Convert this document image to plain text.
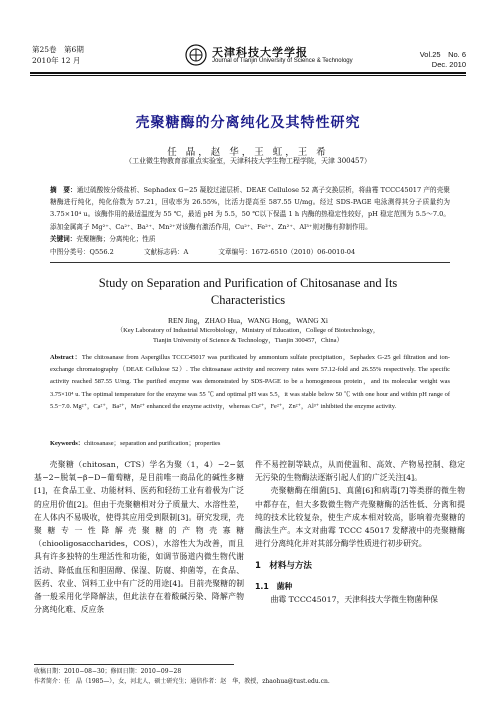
第25卷　第6期
2010年 12 月
天津科技大学学报
Journal of Tianjin University of Science & Technology
Vol.25　No. 6
Dec. 2010
壳聚糖酶的分离纯化及其特性研究
任 晶，赵 华，王 虹，王 希
（工业微生物教育部重点实验室，天津科技大学生物工程学院，天津 300457）
摘　要：通过硫酸铵分级盐析、Sephadex G−25 凝胶过滤层析、DEAE Cellulose 52 离子交换层析，将曲霉 TCCC45017 产的壳聚糖酶进行纯化，纯化倍数为 57.21，回收率为 26.55%，比活力提高至 587.55 U/mg。经过 SDS-PAGE 电泳测得其分子质量约为 3.75×10⁴ u。该酶作用的最适温度为 55 ℃，最适 pH 为 5.5，50 ℃以下保温 1 h 内酶的热稳定性较好，pH 稳定范围为 5.5～7.0。添加金属离子 Mg²⁺、Ca²⁺、Ba²⁺、Mn²⁺对该酶有激活作用，Cu²⁺、Fe²⁺、Zn²⁺、Al³⁺则对酶有抑制作用。
关键词：壳聚糖酶；分离纯化；性质
中图分类号：Q556.2	文献标志码：A	文章编号：1672-6510（2010）06-0010-04
Study on Separation and Purification of Chitosanase and Its Characteristics
REN Jing，ZHAO Hua，WANG Hong，WANG Xi
（Key Laboratory of Industrial Microbiology，Ministry of Education，College of Biotechnology，
Tianjin University of Science & Technology，Tianjin 300457，China）
Abstract：The chitosanase from Aspergillus TCCC45017 was purificated by ammonium sulfate precipitation，Sephadex G-25 gel filtration and ion-exchange chromatography（DEAE Cellulose 52）. The chitosanase activity and recovery rates were 57.12-fold and 26.55% respectively. The specific activity reached 587.55 U/mg. The purified enzyme was demonstrated by SDS-PAGE to be a homogeneous protein，and its molecular weight was 3.75×10⁴ u. The optimal temperature for the enzyme was 55 ℃ and optimal pH was 5.5，it was stable below 50 ℃ with one hour and within pH range of 5.5−7.0. Mg²⁺，Ca²⁺，Ba²⁺，Mn²⁺ enhanced the enzyme activity，whereas Cu²⁺，Fe²⁺，Zn²⁺，Al³⁺ inhibited the enzyme activity.
Keywords：chitosanase；separation and purification；properties

壳聚糖（chitosan，CTS）学名为聚（1，4）−2−氨基−2−脱氧−β−D−葡萄糖，是目前唯一商品化的碱性多糖[1]，在食品工业、功能材料、医药和轻纺工业有着极为广泛的应用价值[2]。但由于壳聚糖相对分子质量大、水溶性差，在人体内不易吸收，使得其应用受到限制[3]。研究发现，壳聚糖专一性降解壳聚糖的产物壳寡糖（chiooligosaccharides，COS），水溶性大为改善，而且具有许多独特的生理活性和功能，如调节肠道内微生物代谢活动、降低血压和胆固醇、保湿、防腐、抑菌等，在食品、医药、农业、饲料工业中有广泛的用途[4]。目前壳聚糖的制备一般采用化学降解法，但此法存在着酸碱污染、降解产物分离纯化难、反应条

件不易控制等缺点，从而使温和、高效、产物易控制、稳定无污染的生物酶法逐渐引起人们的广泛关注[4]。

壳聚糖酶在细菌[5]、真菌[6]和病毒[7]等类群的微生物中都存在，但大多数微生物产壳聚糖酶的活性低、分离和提纯的技术比较复杂，使生产成本相对较高，影响着壳聚糖的酶法生产。本文对曲霉 TCCC 45017 发酵液中的壳聚糖酶进行分离纯化并对其部分酶学性质进行初步研究。

1　材料与方法
1.1　菌种

曲霉 TCCC45017，天津科技大学微生物菌种保

收稿日期：2010−08−30；修回日期：2010−09−28
作者简介：任　晶（1985—），女，河北人，硕士研究生；通信作者：赵　华，教授，zhaohua@tust.edu.cn.
